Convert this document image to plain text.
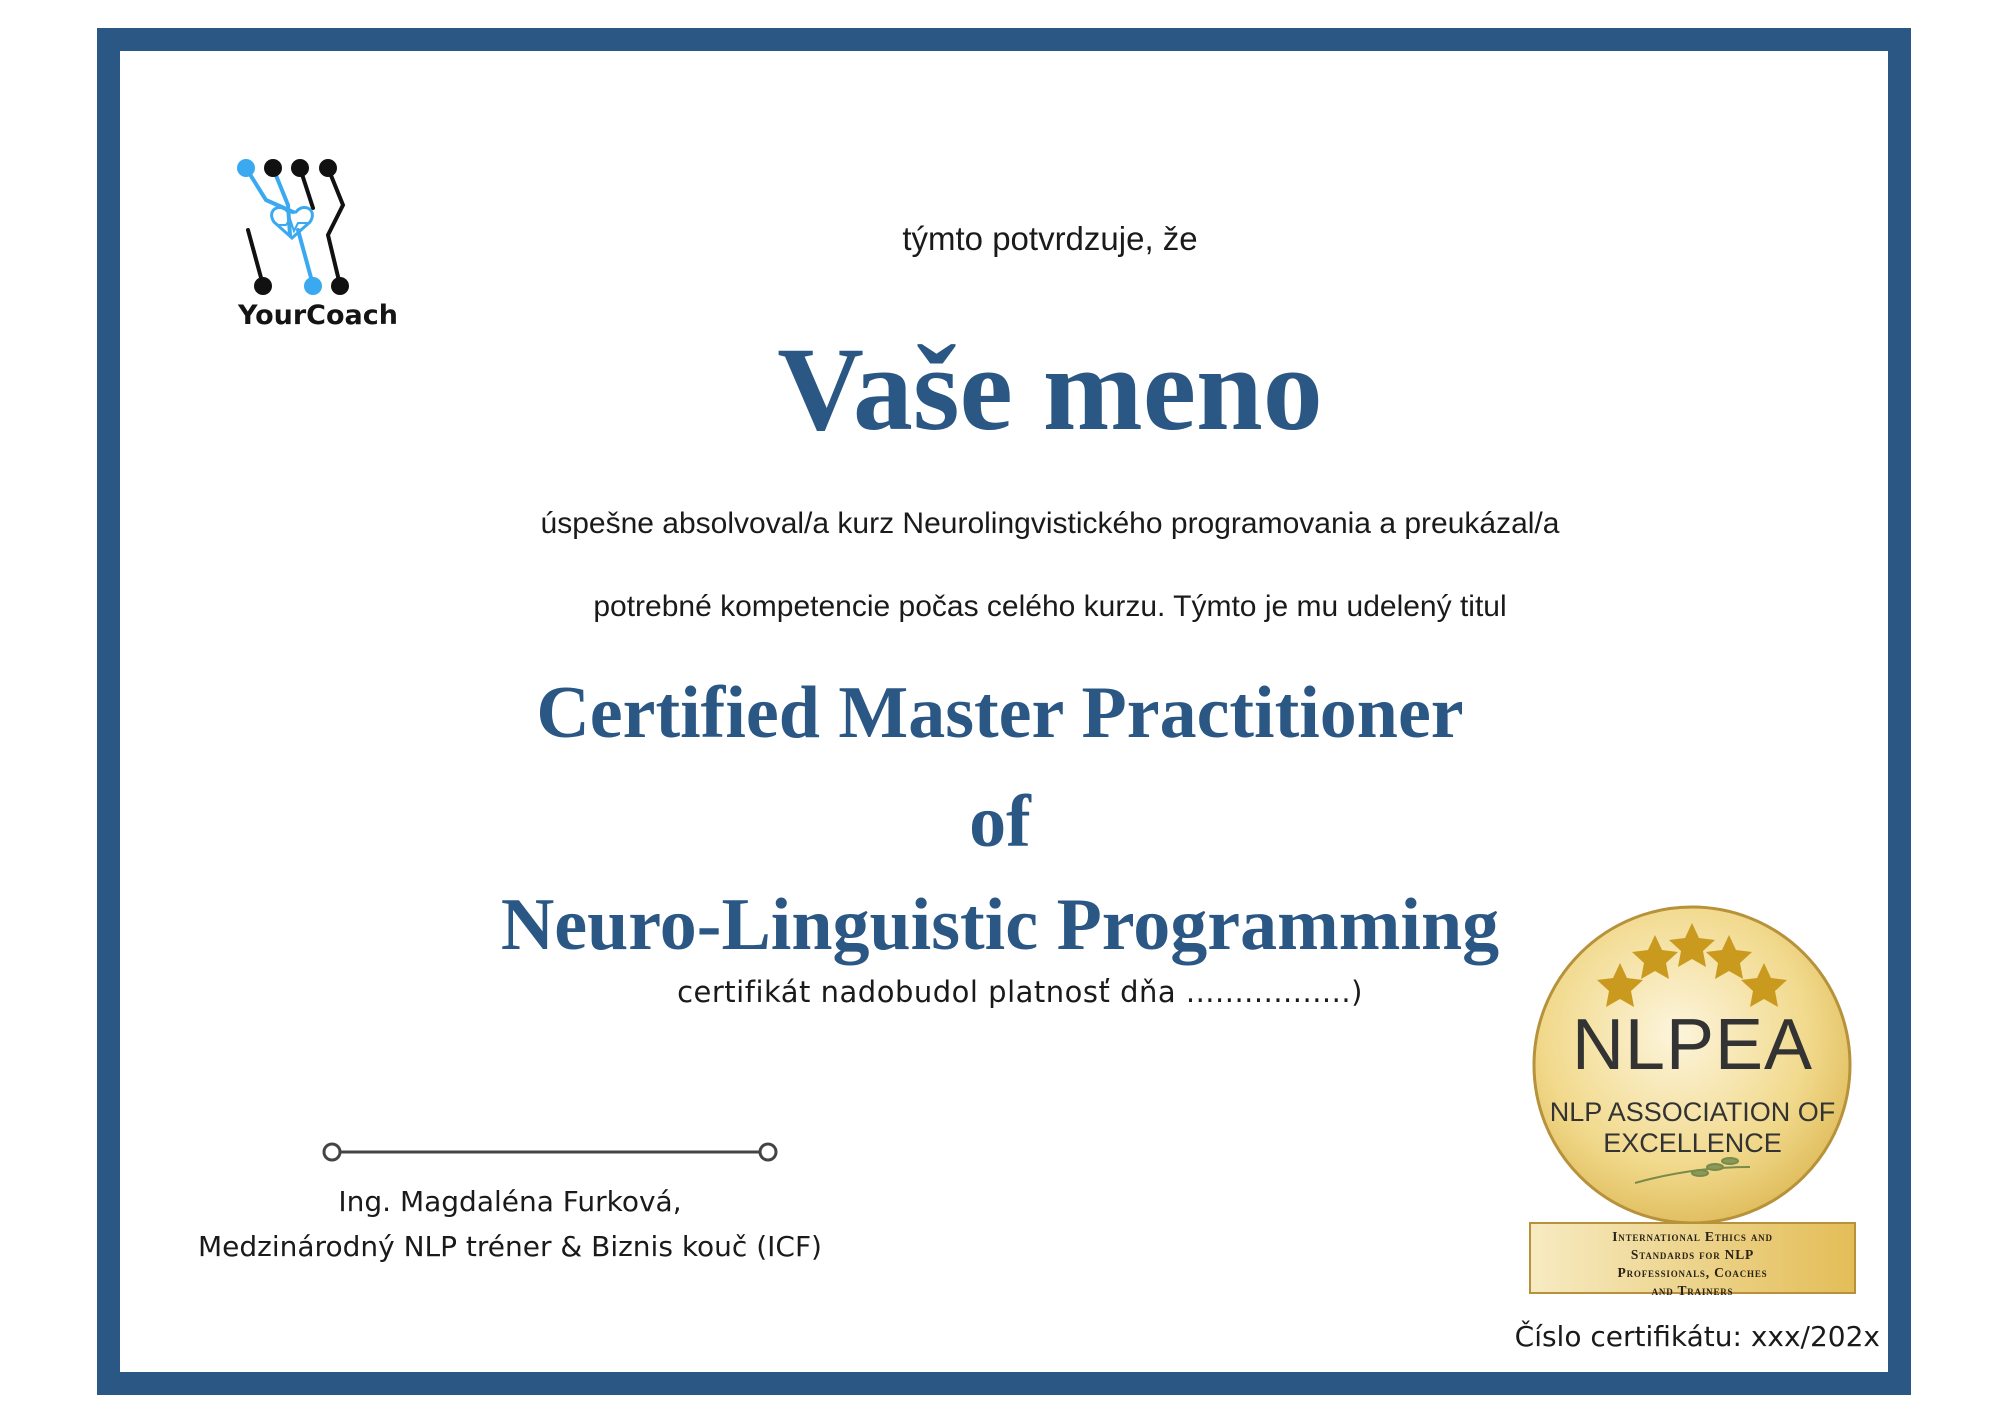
YourCoach
týmto potvrdzuje, že
Vaše meno
úspešne absolvoval/a kurz Neurolingvistického programovania a preukázal/a
potrebné kompetencie počas celého kurzu. Týmto je mu udelený titul
Certified Master Practitioner
of
Neuro-Linguistic Programming
certifikát nadobudol platnosť dňa .................)
Ing. Magdaléna Furková,
Medzinárodný NLP tréner & Biznis kouč (ICF)
NLPEA
NLP ASSOCIATION OF
EXCELLENCE
International Ethics and
Standards for NLP
Professionals, Coaches
and Trainers
Číslo certifikátu: xxx/202x
